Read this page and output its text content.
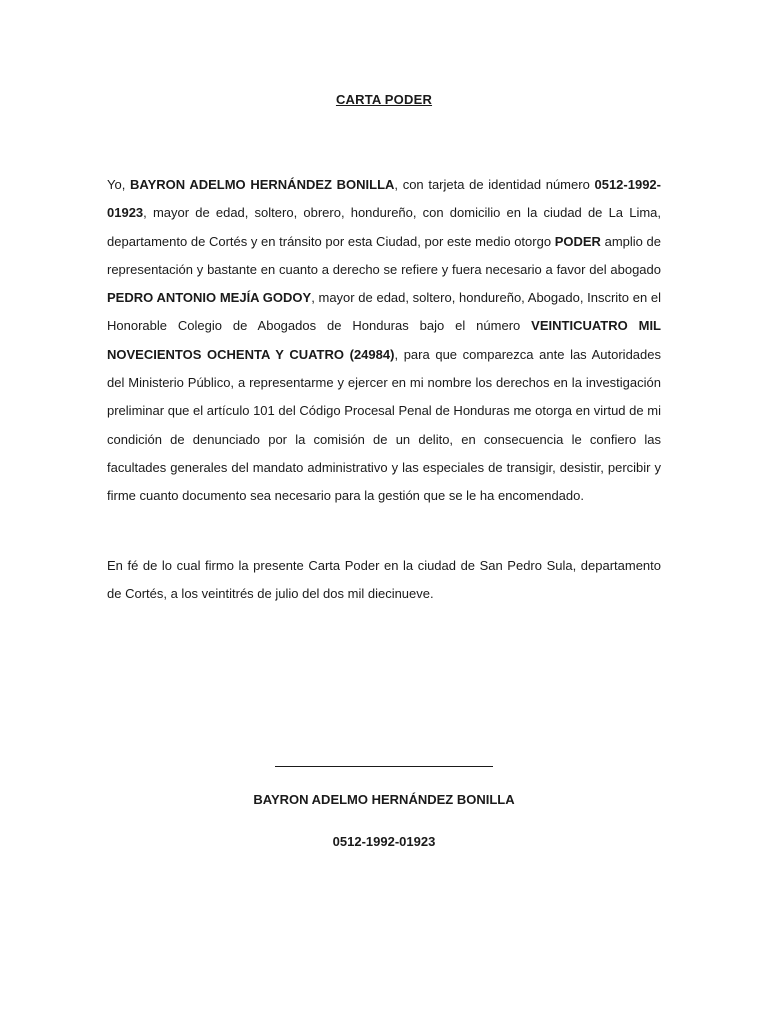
CARTA PODER

Yo, BAYRON ADELMO HERNÁNDEZ BONILLA, con tarjeta de identidad número 0512-1992-01923, mayor de edad, soltero, obrero, hondureño, con domicilio en la ciudad de La Lima, departamento de Cortés y en tránsito por esta Ciudad, por este medio otorgo PODER amplio de representación y bastante en cuanto a derecho se refiere y fuera necesario a favor del abogado PEDRO ANTONIO MEJÍA GODOY, mayor de edad, soltero, hondureño, Abogado, Inscrito en el Honorable Colegio de Abogados de Honduras bajo el número VEINTICUATRO MIL NOVECIENTOS OCHENTA Y CUATRO (24984), para que comparezca ante las Autoridades del Ministerio Público, a representarme y ejercer en mi nombre los derechos en la investigación preliminar que el artículo 101 del Código Procesal Penal de Honduras me otorga en virtud de mi condición de denunciado por la comisión de un delito, en consecuencia le confiero las facultades generales del mandato administrativo y las especiales de transigir, desistir, percibir y firme cuanto documento sea necesario para la gestión que se le ha encomendado.

En fé de lo cual firmo la presente Carta Poder en la ciudad de San Pedro Sula, departamento de Cortés, a los veintitrés de julio del dos mil diecinueve.

BAYRON ADELMO HERNÁNDEZ BONILLA
0512-1992-01923
